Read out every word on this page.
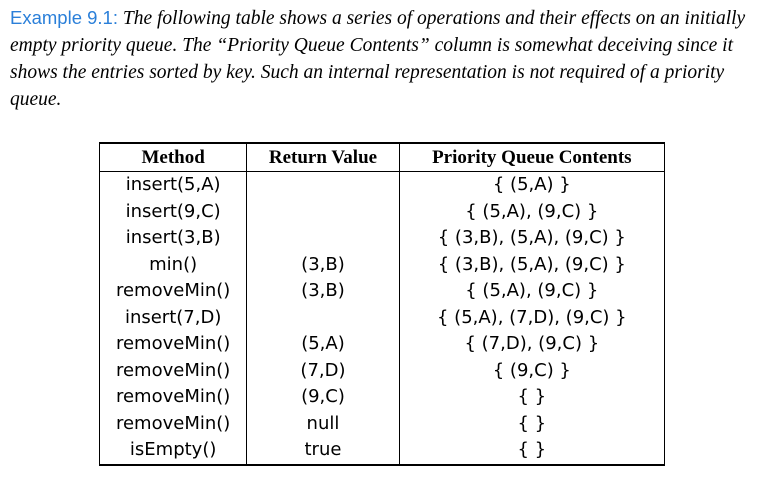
Example 9.1: The following table shows a series of operations and their effects on an initially empty priority queue. The “Priority Queue Contents” column is somewhat deceiving since it shows the entries sorted by key. Such an internal representation is not required of a priority queue.
Method	Return Value	Priority Queue Contents
insert(5,A)		{ (5,A) }
insert(9,C)		{ (5,A), (9,C) }
insert(3,B)		{ (3,B), (5,A), (9,C) }
min()	(3,B)	{ (3,B), (5,A), (9,C) }
removeMin()	(3,B)	{ (5,A), (9,C) }
insert(7,D)		{ (5,A), (7,D), (9,C) }
removeMin()	(5,A)	{ (7,D), (9,C) }
removeMin()	(7,D)	{ (9,C) }
removeMin()	(9,C)	{ }
removeMin()	null	{ }
isEmpty()	true	{ }
